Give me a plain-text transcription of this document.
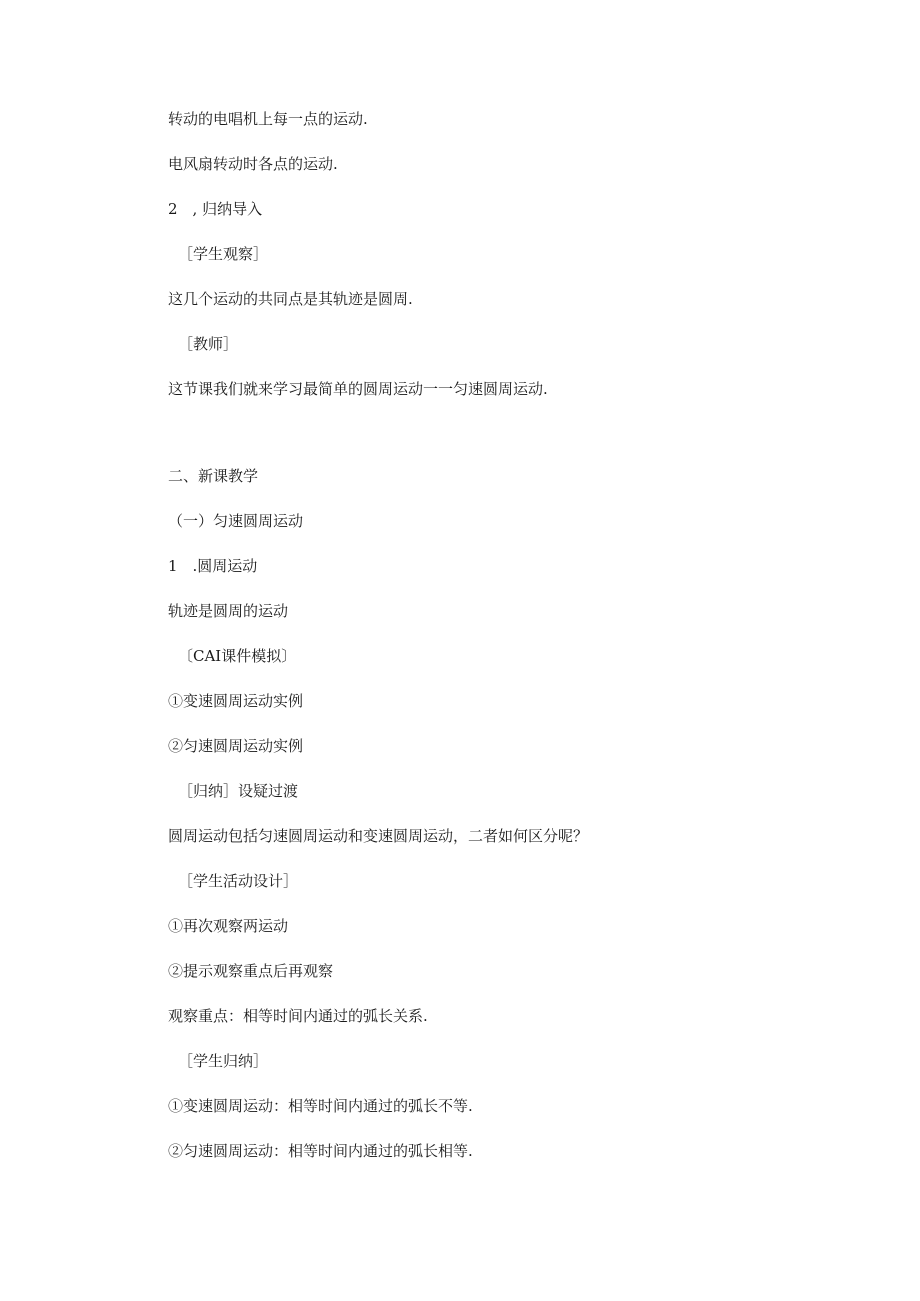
转动的电唱机上每一点的运动.
电风扇转动时各点的运动.
2　, 归纳导入
［学生观察］
这几个运动的共同点是其轨迹是圆周.
［教师］
这节课我们就来学习最简单的圆周运动一一匀速圆周运动.
二、新课教学
（一）匀速圆周运动
1　.圆周运动
轨迹是圆周的运动
〔CAI课件模拟〕
①变速圆周运动实例
②匀速圆周运动实例
［归纳］设疑过渡
圆周运动包括匀速圆周运动和变速圆周运动，二者如何区分呢？
［学生活动设计］
①再次观察两运动
②提示观察重点后再观察
观察重点：相等时间内通过的弧长关系.
［学生归纳］
①变速圆周运动：相等时间内通过的弧长不等.
②匀速圆周运动：相等时间内通过的弧长相等.
